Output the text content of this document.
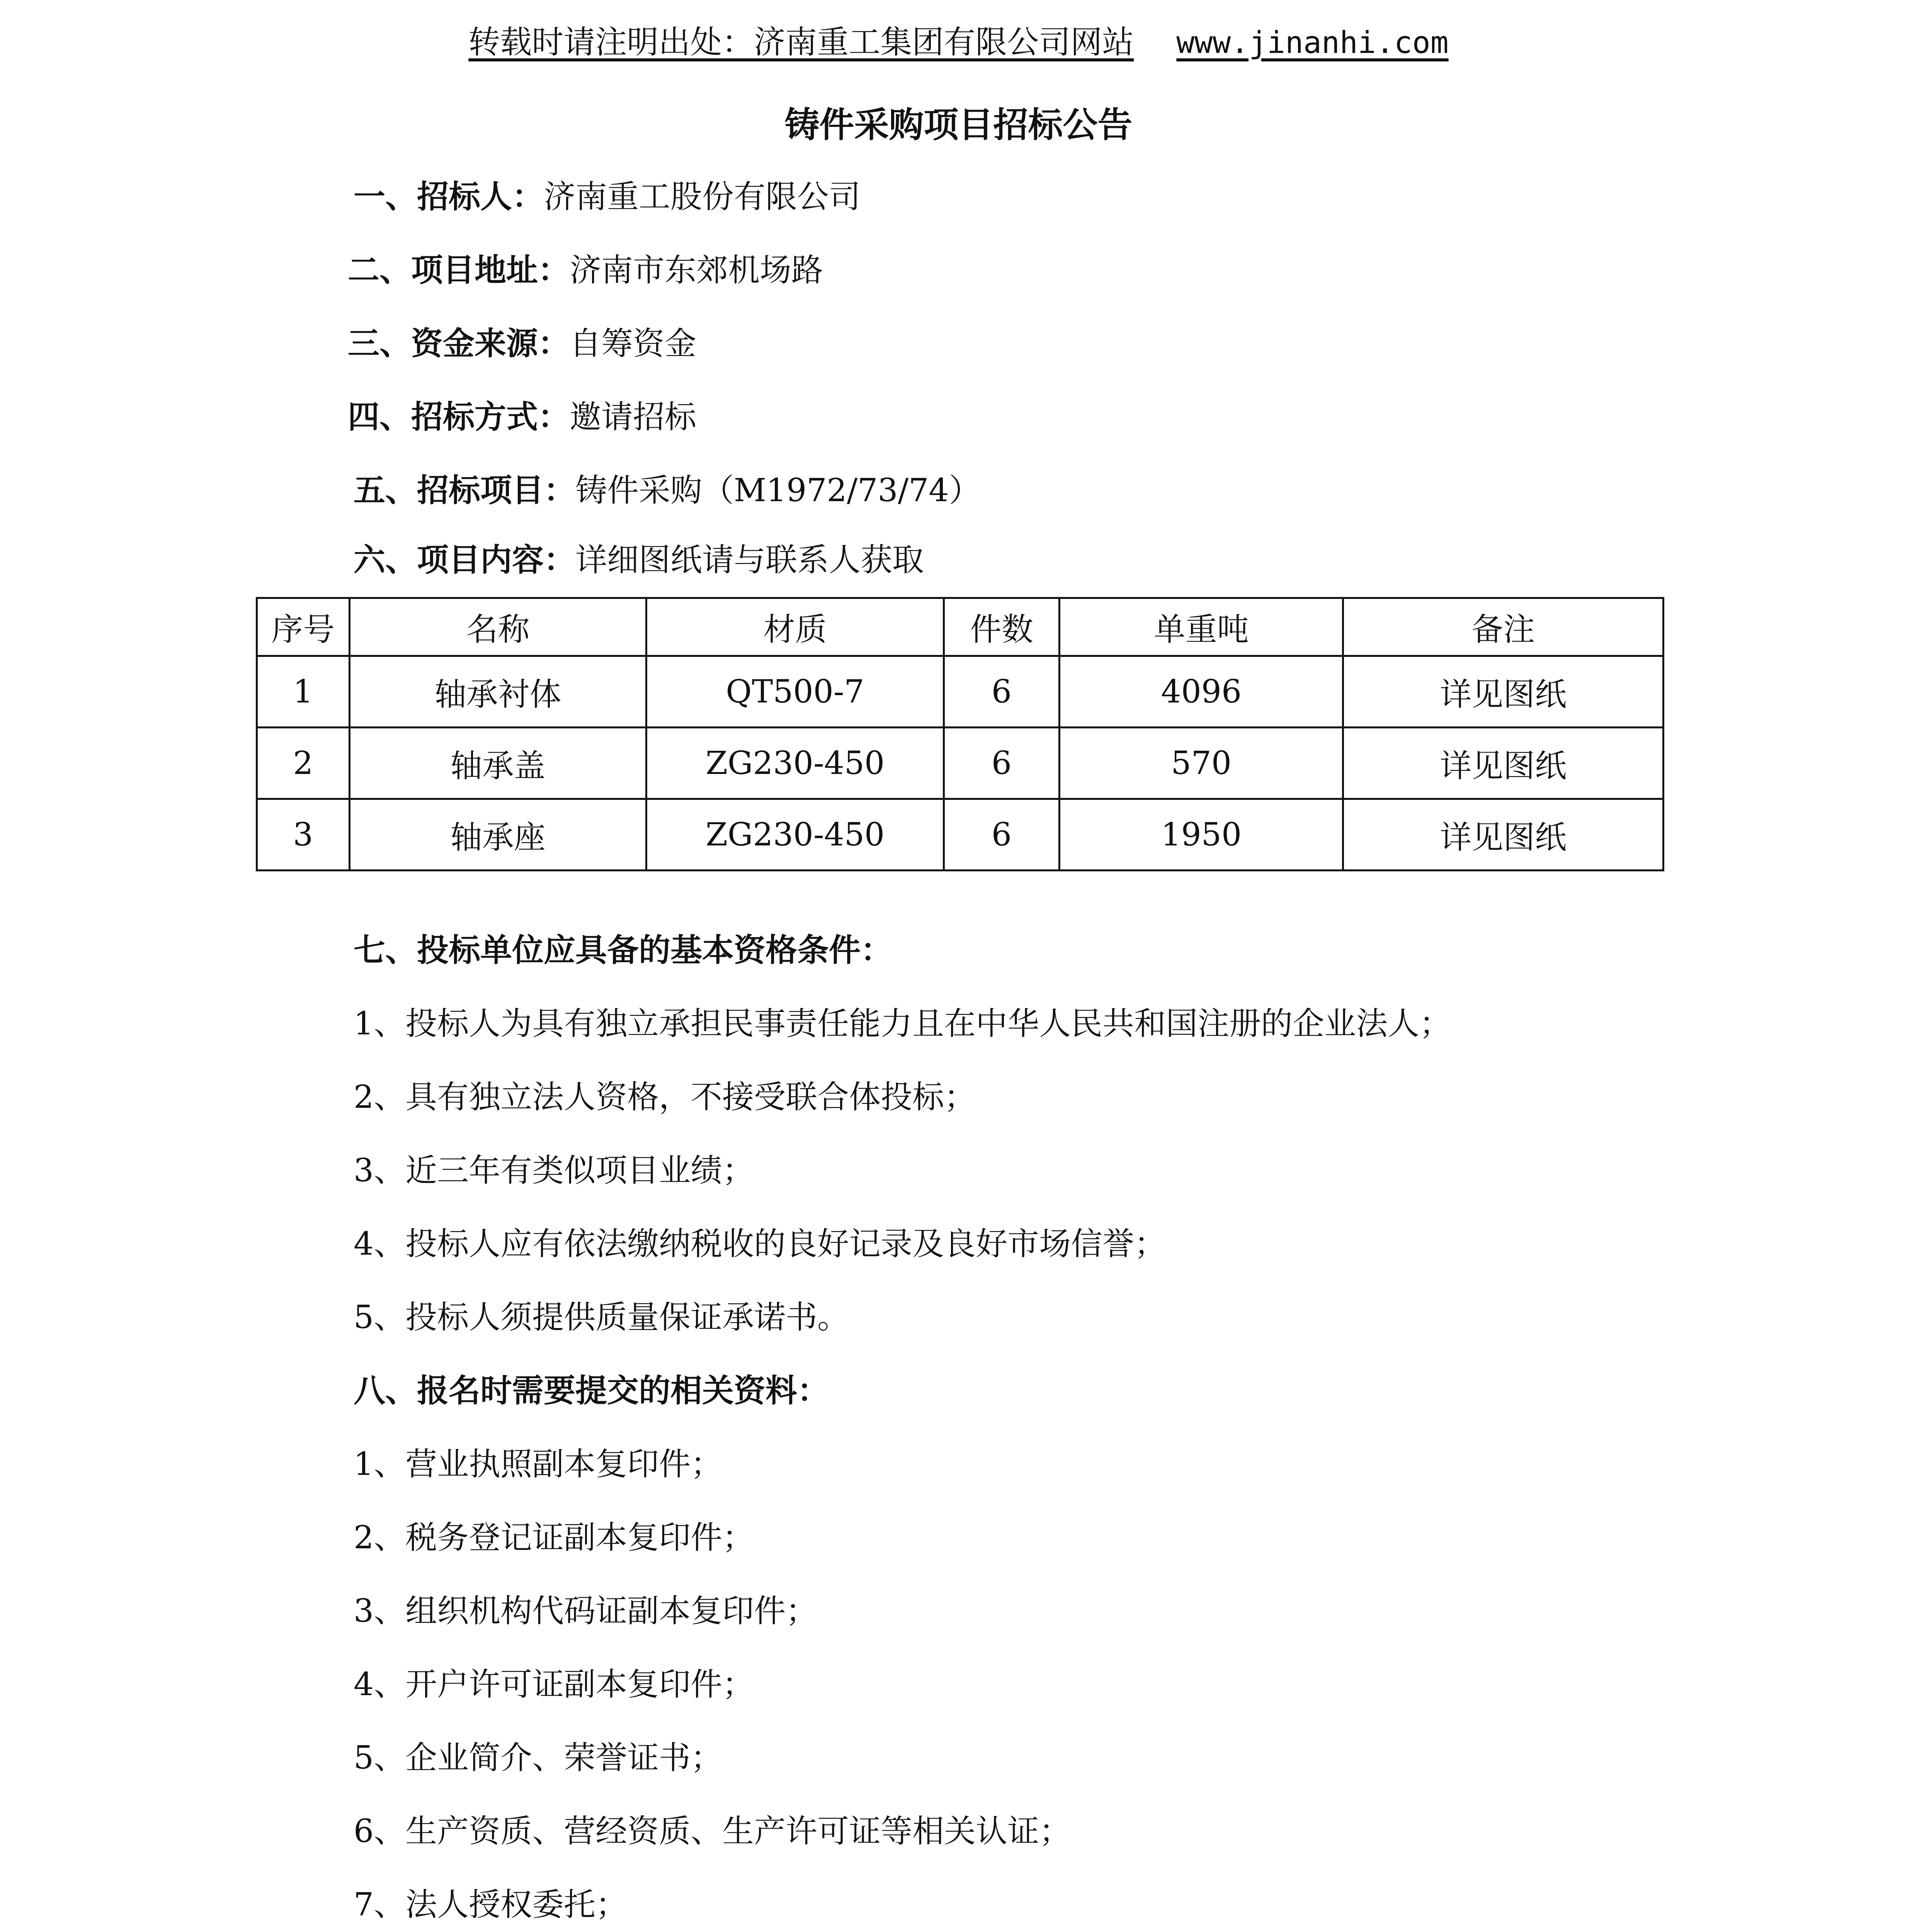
转载时请注明出处：济南重工集团有限公司网站 www.jinanhi.com
铸件采购项目招标公告
一、招标人：济南重工股份有限公司
二、项目地址：济南市东郊机场路
三、资金来源：自筹资金
四、招标方式：邀请招标
五、招标项目：铸件采购（M1972/73/74）
六、项目内容：详细图纸请与联系人获取
序号	名称	材质	件数	单重吨	备注
1	轴承衬体	QT500-7	6	4096	详见图纸
2	轴承盖	ZG230-450	6	570	详见图纸
3	轴承座	ZG230-450	6	1950	详见图纸
七、投标单位应具备的基本资格条件：
1、投标人为具有独立承担民事责任能力且在中华人民共和国注册的企业法人；
2、具有独立法人资格，不接受联合体投标；
3、近三年有类似项目业绩；
4、投标人应有依法缴纳税收的良好记录及良好市场信誉；
5、投标人须提供质量保证承诺书。
八、报名时需要提交的相关资料：
1、营业执照副本复印件；
2、税务登记证副本复印件；
3、组织机构代码证副本复印件；
4、开户许可证副本复印件；
5、企业简介、荣誉证书；
6、生产资质、营经资质、生产许可证等相关认证；
7、法人授权委托；
